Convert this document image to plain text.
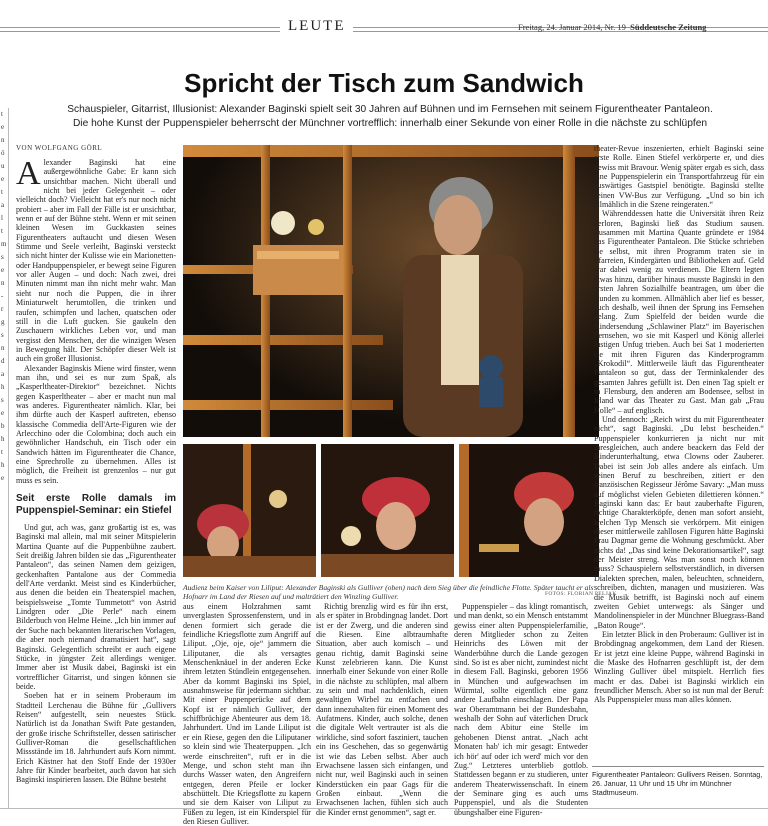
LEUTE	Freitag, 24. Januar 2014, Nr. 19 Süddeutsche Zeitung
t
e
n
ö
u
e
t
a
l
t
m
s
e
n
-
r
g
s
n
d
a
h
s
e
b
h
t
h
e
Spricht der Tisch zum Sandwich
Schauspieler, Gitarrist, Illusionist: Alexander Baginski spielt seit 30 Jahren auf Bühnen und im Fernsehen mit seinem Figurentheater Pantaleon.
Die hohe Kunst der Puppenspieler beherrscht der Münchner vortrefflich: innerhalb einer Sekunde von einer Rolle in die nächste zu schlüpfen
VON WOLFGANG GÖRL

Alexander Baginski hat eine außergewöhnliche Gabe: Er kann sich unsichtbar machen. Nicht überall und nicht bei jeder Gelegenheit – oder vielleicht doch? Vielleicht hat er's nur noch nicht probiert – aber im Fall der Fälle ist er unsichtbar, wenn er auf der Bühne steht. Wenn er mit seinen kleinen Wesen im Guckkasten seines Figurentheaters auftaucht und diesen Wesen Stimme und Seele verleiht, Baginski versteckt sich nicht hinter der Kulisse wie ein Marionetten- oder Handpuppenspieler, er bewegt seine Figuren vor aller Augen – und doch: Nach zwei, drei Minuten nimmt man ihn nicht mehr wahr. Man sieht nur noch die Puppen, die in ihrer Miniaturwelt herumtollen, die trinken und raufen, schimpfen und lachen, quatschen oder still in die Luft gucken. Sie gaukeln den Zuschauern wirkliches Leben vor, und man vergisst den Menschen, der die winzigen Wesen in Bewegung hält. Der Schöpfer dieser Welt ist auch ein großer Illusionist.

Alexander Baginskis Miene wird finster, wenn man ihn, und sei es nur zum Spaß, als „Kasperltheater-Direktor“ bezeichnet. Nichts gegen Kasperltheater – aber er macht nun mal was anderes. Figurentheater nämlich. Klar, bei ihm dürfte auch der Kasperl auftreten, ebenso klassische Commedia dell'Arte-Figuren wie der Arlecchino oder die Colombina; doch auch ein gewöhnlicher Handschuh, ein Tisch oder ein Sandwich hätten im Figurentheater die Chance, eine Sprechrolle zu übernehmen. Alles ist möglich, die Freiheit ist grenzenlos – nur gut muss es sein.

Seit erste Rolle damals im Puppenspiel-Seminar: ein Stiefel

Und gut, ach was, ganz großartig ist es, was Baginski mal allein, mal mit seiner Mitspielerin Martina Quante auf die Puppenbühne zaubert. Seit dreißig Jahren bilden sie das „Figurentheater Pantaleon“, das seinen Namen dem geizigen, geckenhaften Pantalone aus der Commedia dell'Arte verdankt. Meist sind es Kinderbücher, aus denen die beiden ein Theaterspiel machen, beispielsweise „Tomte Tummetott“ von Astrid Lindgren oder „Die Perle“ nach einem Bilderbuch von Helme Heine. „Ich bin immer auf der Suche nach bekannten literarischen Vorlagen, die aber noch niemand dramatisiert hat“, sagt Baginski. Gelegentlich schreibt er auch eigene Stücke, in jüngster Zeit allerdings weniger. Immer aber ist Musik dabei, Baginski ist ein vortrefflicher Gitarrist, und singen können sie beide.

Soeben hat er in seinem Proberaum im Stadtteil Lerchenau die Bühne für „Gullivers Reisen“ aufgestellt, sein neuestes Stück. Natürlich ist da Jonathan Swift Pate gestanden, der große irische Schriftsteller, dessen satirischer Gulliver-Roman die gesellschaftlichen Missstände im 18. Jahrhundert aufs Korn nimmt. Erich Kästner hat den Stoff Ende der 1930er Jahre für Kinder bearbeitet, auch davon hat sich Baginski inspirieren lassen. Die Bühne besteht

Audienz beim Kaiser von Liliput: Alexander Baginski als Gulliver (oben) nach dem Sieg über die feindliche Flotte. Später taucht er als Hofnarr im Land der Riesen auf und malträtiert den Winzling Gulliver.	FOTOS: FLORIAN PELJAK

aus einem Holzrahmen samt unverglasten Sprossenfenstern, und in denen formiert sich gerade die feindliche Kriegsflotte zum Angriff auf Liliput. „Oje, oje, oje“ jammern die Liliputaner, die als versagtes Menschenknäuel in der anderen Ecke ihrem letzten Stündlein entgegensehen. Aber da kommt Baginski ins Spiel, ausnahmsweise für jedermann sichtbar. Mit einer Puppenperücke auf dem Kopf ist er nämlich Gulliver, der schiffbrüchige Abenteurer aus dem 18. Jahrhundert. Und im Lande Liliput ist er ein Riese, gegen den die Liliputaner so klein sind wie Theaterpuppen. „Ich werde einschreiten“, ruft er in die Menge, und schon steht man ihn durchs Wasser waten, den Angreifern entgegen, deren Pfeile er locker abschüttelt. Die Kriegsflotte zu kapern und sie dem Kaiser von Liliput zu Füßen zu legen, ist ein Kinderspiel für den Riesen Gulliver.

Richtig brenzlig wird es für ihn erst, als er später in Brobdingnag landet. Dort ist er der Zwerg, und die anderen sind die Riesen. Eine albtraumhafte Situation, aber auch komisch – und genau richtig, damit Baginski seine Kunst zelebrieren kann. Die Kunst innerhalb einer Sekunde von einer Rolle in die nächste zu schlüpfen, mal albern zu sein und mal nachdenklich, einen gewaltigen Wirbel zu entfachen und dann innezuhalten für einen Moment des Aufatmens. Kinder, auch solche, denen die digitale Welt vertrauter ist als die wirkliche, sind sofort fasziniert, tauchen ein ins Geschehen, das so gegenwärtig ist wie das Leben selbst. Aber auch Erwachsene lassen sich einfangen, und nicht nur, weil Baginski auch in seinen Kinderstücken ein paar Gags für die Großen einbaut. „Wenn die Erwachsenen lachen, fühlen sich auch die Kinder ernst genommen“, sagt er.

Puppenspieler – das klingt romantisch, und man denkt, so ein Mensch entstammt gewiss einer alten Puppenspielerfamilie, deren Mitglieder schon zu Zeiten Heinrichs des Löwen mit der Wanderbühne durch die Lande gezogen sind. So ist es aber nicht, zumindest nicht in diesem Fall. Baginski, geboren 1956 in München und aufgewachsen im Würmtal, sollte eigentlich eine ganz andere Laufbahn einschlagen. Der Papa war Oberamtmann bei der Bundesbahn, weshalb der Sohn auf väterlichen Druck nach dem Abitur eine Stelle im gehobenen Dienst antrat. „Nach acht Monaten hab' ich mir gesagt: Entweder ich hör' auf oder ich werd' mich vor den Zug.“ Letzteres unterblieb gottlob. Stattdessen begann er zu studieren, unter anderem Theaterwissenschaft. In einem der Seminare ging es auch ums Puppenspiel, und als die Studenten übungshalber eine Figuren-

theater-Revue inszenierten, erhielt Baginski seine erste Rolle. Einen Stiefel verkörperte er, und dies gewiss mit Bravour. Wenig später ergab es sich, dass eine Puppenspielerin ein Transportfahrzeug für ein auswärtiges Gastspiel benötigte. Baginski stellte seinen VW-Bus zur Verfügung. „Und so bin ich allmählich in die Szene reingeraten.“

Währenddessen hatte die Universität ihren Reiz verloren, Baginski ließ das Studium sausen. Zusammen mit Martina Quante gründete er 1984 das Figurentheater Pantaleon. Die Stücke schrieben sie selbst, mit ihren Programm traten sie in Pfarreien, Kindergärten und Bibliotheken auf. Geld war dabei wenig zu verdienen. Die Eltern legten etwas hinzu, darüber hinaus musste Baginski in den ersten Jahren Sozialhilfe beantragen, um über die Runden zu kommen. Allmählich aber lief es besser, auch deshalb, weil ihnen der Sprung ins Fernsehen gelang. Zum Spielfeld der beiden wurde die Kindersendung „Schlawiner Platz“ im Bayerischen Fernsehen, wo sie mit Kasperl und König allerlei lustigen Unfug trieben. Auch bei Sat 1 moderierten sie mit ihren Figuren das Kinderprogramm „Krokodil“. Mittlerweile läuft das Figurentheater Pantaleon so gut, dass der Terminkalender des gesamten Jahres gefüllt ist. Den einen Tag spielt er in Flensburg, den anderen am Bodensee, selbst in Irland war das Theater zu Gast. Man gab „Frau Holle“ – auf englisch.

Und dennoch: „Reich wirst du mit Figurentheater nicht“, sagt Baginski. „Du lebst bescheiden.“ Puppenspieler konkurrieren ja nicht nur mit ihresgleichen, auch andere beackern das Feld der Kinderunterhaltung, etwa Clowns oder Zauberer. Dabei ist sein Job alles andere als einfach. Um seinen Beruf zu beschreiben, zitiert er den französischen Regisseur Jérôme Savary: „Man muss auf möglichst vielen Gebieten dilettieren können.“ Baginski kann das: Er baut zauberhafte Figuren, richtige Charakterköpfe, denen man sofort ansieht, welchen Typ Mensch sie verkörpern. Mit einigen dieser mittlerweile zahllosen Figuren hätte Baginski Frau Dagmar gerne die Wohnung geschmückt. Aber nichts da! „Das sind keine Dekorationsartikel“, sagt der Meister streng. Was man sonst noch können muss? Schauspielern selbstverständlich, in diversen Dialekten sprechen, malen, beleuchten, schneidern, schreiben, dichten, managen und musizieren. Was die Musik betrifft, ist Baginski noch auf einem zweiten Gebiet unterwegs: als Sänger und Mandolinenspieler in der Münchner Bluegrass-Band „Baton Rouge“.

Ein letzter Blick in den Proberaum: Gulliver ist in Brobdingnag angekommen, dem Land der Riesen. Er ist jetzt eine kleine Puppe, während Baginski in die Maske des Hofnarren geschlüpft ist, der dem Winzling Gulliver übel mitspielt. Herrlich fies macht er das. Dabei ist Baginski wirklich ein freundlicher Mensch. Aber so ist nun mal der Beruf: Als Puppenspieler muss man alles können.

Figurentheater Pantaleon: Gullivers Reisen. Sonntag, 26. Januar, 11 Uhr und 15 Uhr im Münchner Stadtmuseum.
